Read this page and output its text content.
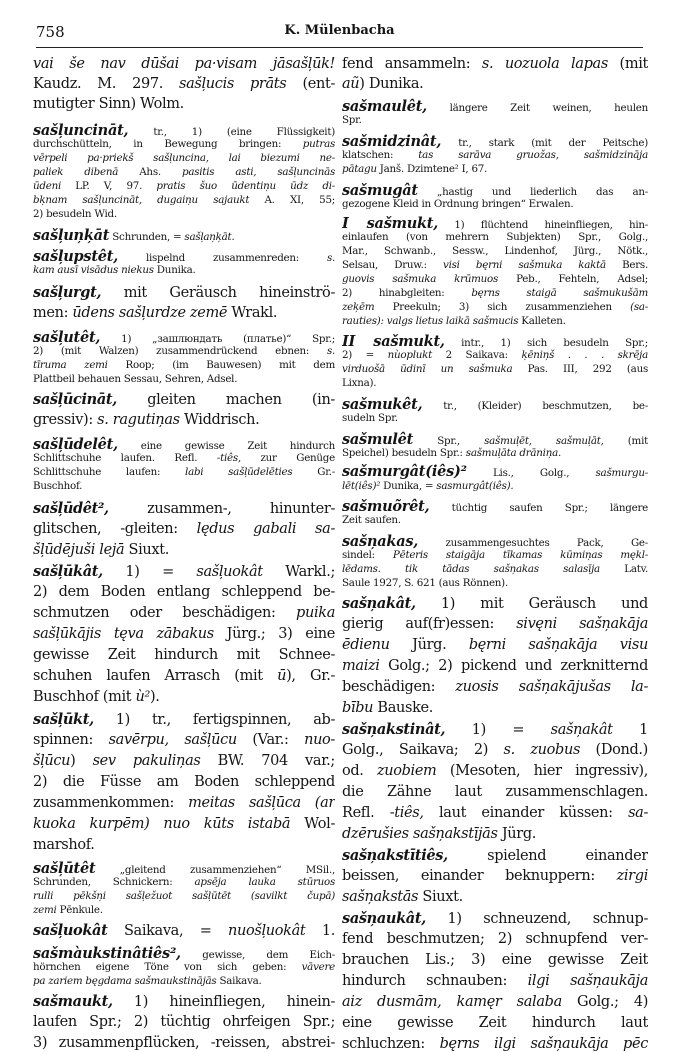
758	K. Mülenbacha
vai še nav dūšai pa·visam jāsašļūk!
Kaudz. M. 297. sašļucis prāts (ent-
mutigter Sinn) Wolm.
sašļuncināt, tr., 1) (eine Flüssigkeit)
durchschütteln, in Bewegung bringen: putras
vērpeli pa·priekš sašļuncina, lai biezumi ne-
paliek dibenā Ahs. pasitis asti, sašļuncinās
ūdeni LP. V, 97. pratis šuo ūdentiņu ūdz di-
bķnam sašļuncināt, dugaiņu sajaukt A. XI, 55;
2) besudeln Wid.
sašļuņķāt Schrunden, = sašļaņķāt.
sašļupstêt, lispelnd zusammenreden: s.
kam ausī visādus niekus Dunika.
sašļurgt, mit Geräusch hineinströ-
men: ūdens sašļurdze zemē Wrakl.
sašļutêt, 1) „зашлюндать (платье)“ Spr.;
2) (mit Walzen) zusammendrückend ebnen: s.
tīruma zemi Roop; (im Bauwesen) mit dem
Plattbeil behauen Sessau, Sehren, Adsel.
sašļūcināt, gleiten machen (in-
gressiv): s. ragutiņas Widdrisch.
sašļūdelêt, eine gewisse Zeit hindurch
Schlittschuhe laufen. Refl. -tiês, zur Genüge
Schlittschuhe laufen: labi sašļūdelēties Gr.-
Buschhof.
sašļūdêt², zusammen-, hinunter-
glitschen, -gleiten: lędus gabali sa-
šļūdējuši lejā Siuxt.
sašļūkât, 1) = sašļuokât Warkl.;
2) dem Boden entlang schleppend be-
schmutzen oder beschädigen: puika
sašļūkājis tęva zābakus Jürg.; 3) eine
gewisse Zeit hindurch mit Schnee-
schuhen laufen Arrasch (mit ū), Gr.-
Buschhof (mit ù²).
sašļūkt, 1) tr., fertigspinnen, ab-
spinnen: savērpu, sašļūcu (Var.: nuo-
šļūcu) sev pakuliņas BW. 704 var.;
2) die Füsse am Boden schleppend
zusammenkommen: meitas sašļūca (ar
kuoka kurpēm) nuo kūts istabā Wol-
marshof.
sašļūtêt „gleitend zusammenziehen“ MSil.,
Schrunden, Schnickern: apsēja lauka stūruos
rulli pēkšņi sašļežuot sašļūtēt (savilkt čupā)
zemi Pēnkule.
sašļuokât Saikava, = nuošļuokât 1.
sašmàukstinâtiês², gewisse, dem Eich-
hörnchen eigene Töne von sich geben: vāvere
pa zariem bęgdama sašmaukstinājās Saikava.
sašmaukt, 1) hineinfliegen, hinein-
laufen Spr.; 2) tüchtig ohrfeigen Spr.;
3) zusammenpflücken, -reissen, abstrei-
fend ansammeln: s. uozuola lapas (mit
aũ) Dunika.
sašmaulêt, längere Zeit weinen, heulen
Spr.
sašmidzinât, tr., stark (mit der Peitsche)
klatschen: tas sarāva gruožas, sašmidzināja
pātagu Janš. Dzimtene² I, 67.
sašmugât „hastig und liederlich das an-
gezogene Kleid in Ordnung bringen“ Erwalen.
I sašmukt, 1) flüchtend hineinfliegen, hin-
einlaufen (von mehrern Subjekten) Spr., Golg.,
Mar., Schwanb., Sessw., Lindenhof, Jürg., Nötk.,
Selsau, Druw.: visi bęrni sašmuka kaktā Bers.
guovis sašmuka krūmuos Peb., Fehteln, Adsel;
2) hinabgleiten: bęrns staigā sašmukušām
zeķēm Preekuln; 3) sich zusammenziehen (sa-
rauties): valgs lietus laikā sašmucis Kalleten.
II sašmukt, intr., 1) sich besudeln Spr.;
2) = nùoplukt 2 Saikava: ķēniņš . . . skrēja
virduošā ūdinī un sašmuka Pas. III, 292 (aus
Lixna).
sašmukêt, tr., (Kleider) beschmutzen, be-
sudeln Spr.
sašmulêt Spr., sašmuļēt, sašmuļāt, (mit
Speichel) besudeln Spr.: sašmuļāta drāniņa.
sašmurgât(iês)² Lis., Golg., sašmurgu-
lēt(iês)² Dunika, = sasmurgât(iês).
sašmuõrêt, tüchtig saufen Spr.; längere
Zeit saufen.
sašņakas, zusammengesuchtes Pack, Ge-
sindel: Pēteris staigāja tīkamas kūmiņas mękl-
lēdams. tik tādas sašņakas salasīja Latv.
Saule 1927, S. 621 (aus Rönnen).
sašņakât, 1) mit Geräusch und
gierig auf(fr)essen: sivęni sašņakāja
ēdienu Jürg. bęrni sašņakāja visu
maizi Golg.; 2) pickend und zerknitternd
beschädigen: zuosis sašņakājušas la-
bību Bauske.
sašņakstinât, 1) = sašņakât 1
Golg., Saikava; 2) s. zuobus (Dond.)
od. zuobiem (Mesoten, hier ingressiv),
die Zähne laut zusammenschlagen.
Refl. -tiês, laut einander küssen: sa-
dzērušies sašņakstījās Jürg.
sašņakstītiês, spielend einander
beissen, einander beknuppern: zirgi
sašņakstās Siuxt.
sašņaukât, 1) schneuzend, schnup-
fend beschmutzen; 2) schnupfend ver-
brauchen Lis.; 3) eine gewisse Zeit
hindurch schnauben: ilgi sašņaukāja
aiz dusmām, kamęr salaba Golg.; 4)
eine gewisse Zeit hindurch laut
schluchzen: bęrns ilgi sašņaukāja pēc
